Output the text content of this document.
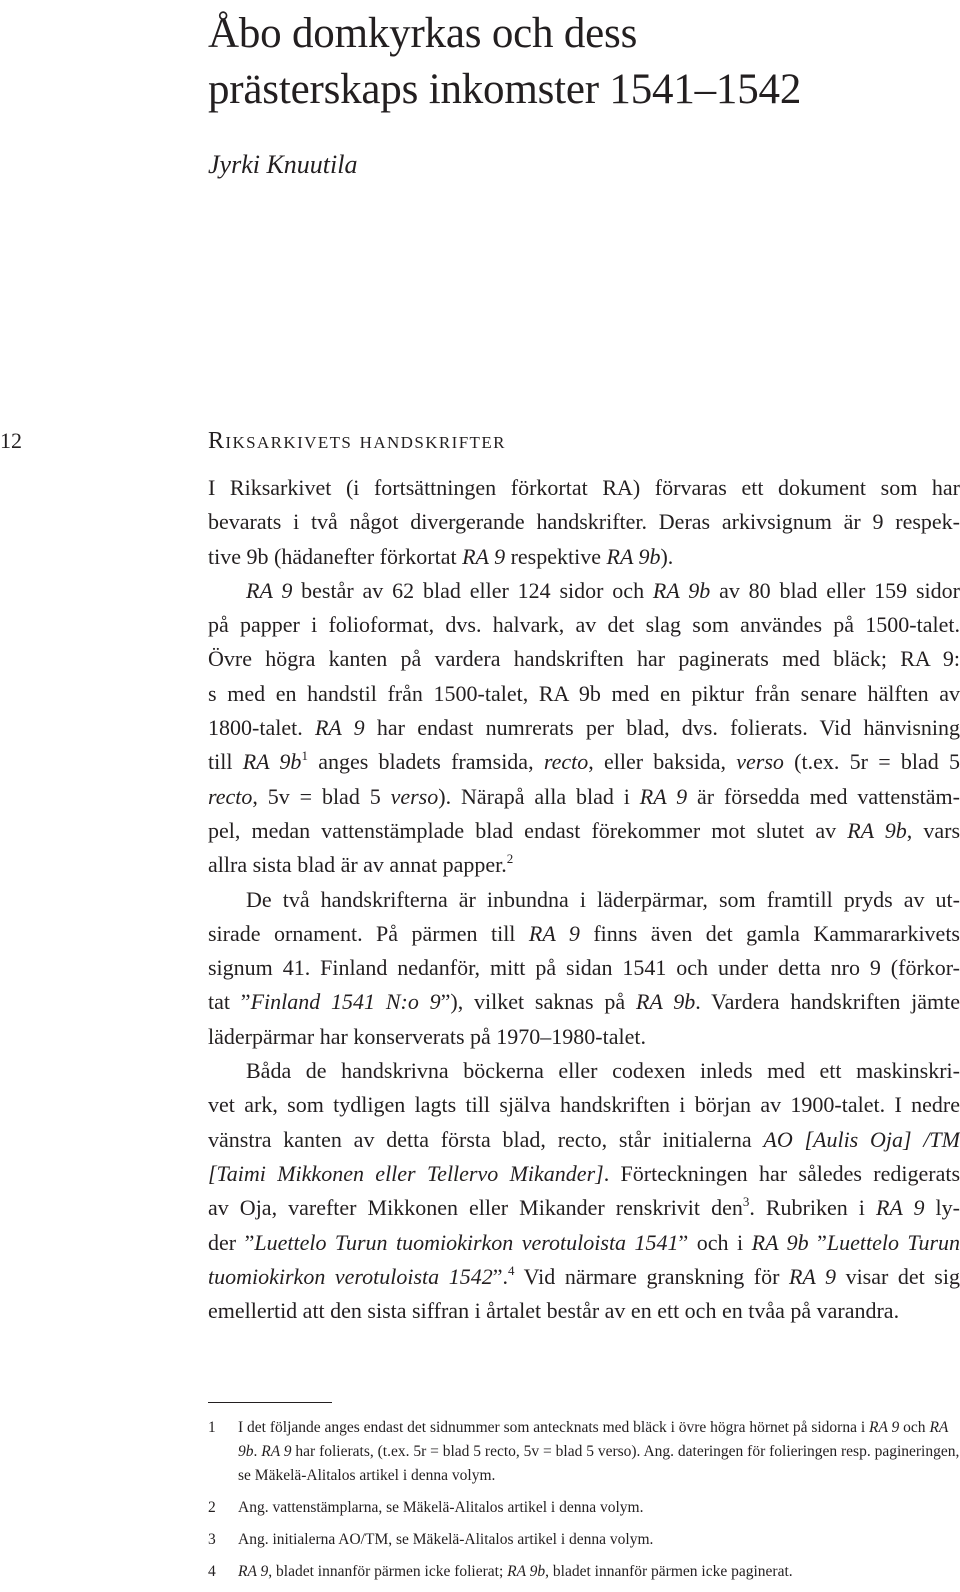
Åbo domkyrkas och dess
prästerskaps inkomster 1541–1542

Jyrki Knuutila

12	Riksarkivets handskrifter

I Riksarkivet (i fortsättningen förkortat RA) förvaras ett dokument som har
bevarats i två något divergerande handskrifter. Deras arkivsignum är 9 respek-
tive 9b (hädanefter förkortat RA 9 respektive RA 9b).

RA 9 består av 62 blad eller 124 sidor och RA 9b av 80 blad eller 159 sidor
på papper i folioformat, dvs. halvark, av det slag som användes på 1500-talet.
Övre högra kanten på vardera handskriften har paginerats med bläck; RA 9:
s med en handstil från 1500-talet, RA 9b med en piktur från senare hälften av
1800-talet. RA 9 har endast numrerats per blad, dvs. folierats. Vid hänvisning
till RA $9b^1$ anges bladets framsida, recto, eller baksida, verso (t.ex. 5r = blad 5
recto, 5v = blad 5 verso). Närapå alla blad i RA 9 är försedda med vattenstäm-
pel, medan vattenstämplade blad endast förekommer mot slutet av RA 9b, vars
allra sista blad är av annat papper.$^2$

De två handskrifterna är inbundna i läderpärmar, som framtill pryds av ut-
sirade ornament. På pärmen till RA 9 finns även det gamla Kammararkivets
signum 41. Finland nedanför, mitt på sidan 1541 och under detta nro 9 (förkor-
tat ”Finland 1541 N:o 9”), vilket saknas på RA 9b. Vardera handskriften jämte
läderpärmar har konserverats på 1970–1980-talet.

Båda de handskrivna böckerna eller codexen inleds med ett maskinskri-
vet ark, som tydligen lagts till själva handskriften i början av 1900-talet. I nedre
vänstra kanten av detta första blad, recto, står initialerna AO [Aulis Oja] /TM
[Taimi Mikkonen eller Tellervo Mikander]. Förteckningen har således redigerats
av Oja, varefter Mikkonen eller Mikander renskrivit den$^3$. Rubriken i RA 9 ly-
der ”Luettelo Turun tuomiokirkon verotuloista 1541” och i RA 9b ”Luettelo Turun
tuomiokirkon verotuloista 1542”.$^4$ Vid närmare granskning för RA 9 visar det sig
emellertid att den sista siffran i årtalet består av en ett och en tvåa på varandra.

1 I det följande anges endast det sidnummer som antecknats med bläck i övre högra hörnet på sidorna i RA 9 och RA 9b. RA 9 har folierats, (t.ex. 5r = blad 5 recto, 5v = blad 5 verso). Ang. dateringen för folieringen resp. pagineringen, se Mäkelä-Alitalos artikel i denna volym.
2 Ang. vattenstämplarna, se Mäkelä-Alitalos artikel i denna volym.
3 Ang. initialerna AO/TM, se Mäkelä-Alitalos artikel i denna volym.
4 RA 9, bladet innanför pärmen icke folierat; RA 9b, bladet innanför pärmen icke paginerat.
